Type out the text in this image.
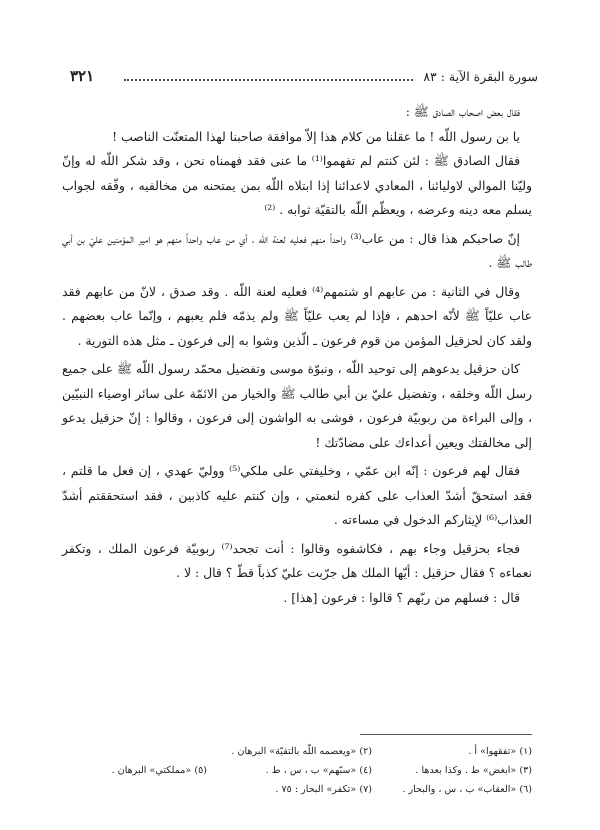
٣٢١	سورة البقرة الآية : ٨٣

فقال بعض اصحاب الصادق ﷺ :

يا بن رسول اللّه ! ما عقلنا من كلام هذا إلاّ موافقة صاحبنا لهذا المتعنّت الناصب !

فقال الصادق ﷺ : لئن كنتم لم تفهموا⁽¹⁾ ما عنى فقد فهمناه نحن ، وقد شكر اللّه له وإنّ وليّنا الموالي لاوليائنا ، المعادي لاعدائنا إذا ابتلاه اللّه بمن يمتحنه من مخالفيه ، وفّقه لجواب يسلم معه دينه وعرضه ، ويعظّم اللّه بالتقيّة ثوابه . ⁽²⁾

إنّ صاحبكم هذا قال : من عاب⁽³⁾ واحداً منهم فعليه لعنة اللّه ، أي من عاب واحداً منهم هو امير المؤمنين عليّ بن أبي طالب ﷺ .

وقال في الثانية : من عابهم او شتمهم⁽⁴⁾ فعليه لعنة اللّه . وقد صدق ، لانّ من عابهم فقد عاب عليّاً ﷺ لأنّه احدهم ، فإذا لم يعب عليّاً ﷺ ولم يذمّه فلم يعبهم ، وإنّما عاب بعضهم . ولقد كان لحزقيل المؤمن من قوم فرعون ـ الّذين وشوا به إلى فرعون ـ مثل هذه التورية .

كان حزقيل يدعوهم إلى توحيد اللّه ، ونبوّة موسى وتفضيل محمّد رسول اللّه ﷺ على جميع رسل اللّه وخلقه ، وتفضيل عليّ بن أبي طالب ﷺ والخيار من الائمّة على سائر اوصياء النبيّين ، وإلى البراءة من ربوبيّة فرعون ، فوشى به الواشون إلى فرعون ، وقالوا : إنّ حزقيل يدعو إلى مخالفتك ويعين أعداءك على مضادّتك !

فقال لهم فرعون : إنّه ابن عمّي ، وخليفتي على ملكي⁽⁵⁾ ووليّ عهدي ، إن فعل ما قلتم ، فقد استحقّ أشدّ العذاب على كفره لنعمتي ، وإن كنتم عليه كاذبين ، فقد استحققتم أشدّ العذاب⁽⁶⁾ لإيثاركم الدخول في مساءته .

فجاء بحزقيل وجاء بهم ، فكاشفوه وقالوا : أنت تجحد⁽⁷⁾ ربوبيّة فرعون الملك ، وتكفر نعماءه ؟ فقال حزقيل : أيّها الملك هل جرّبت عليّ كذباً قطّ ؟ قال : لا .

قال : فسلهم من ربّهم ؟ قالوا : فرعون [هذا] .

(١) «تفقهوا» أ .
(٢) «ويعصمه اللّه بالتقيّة» البرهان .
(٣) «ابغض» ط . وكذا بعدها .
(٤) «سبّهم» ب ، س ، ط .
(٥) «مملكتي» البرهان .
(٦) «العقاب» ب ، س ، والبحار .
(٧) «تكفر» البحار : ٧٥ .
